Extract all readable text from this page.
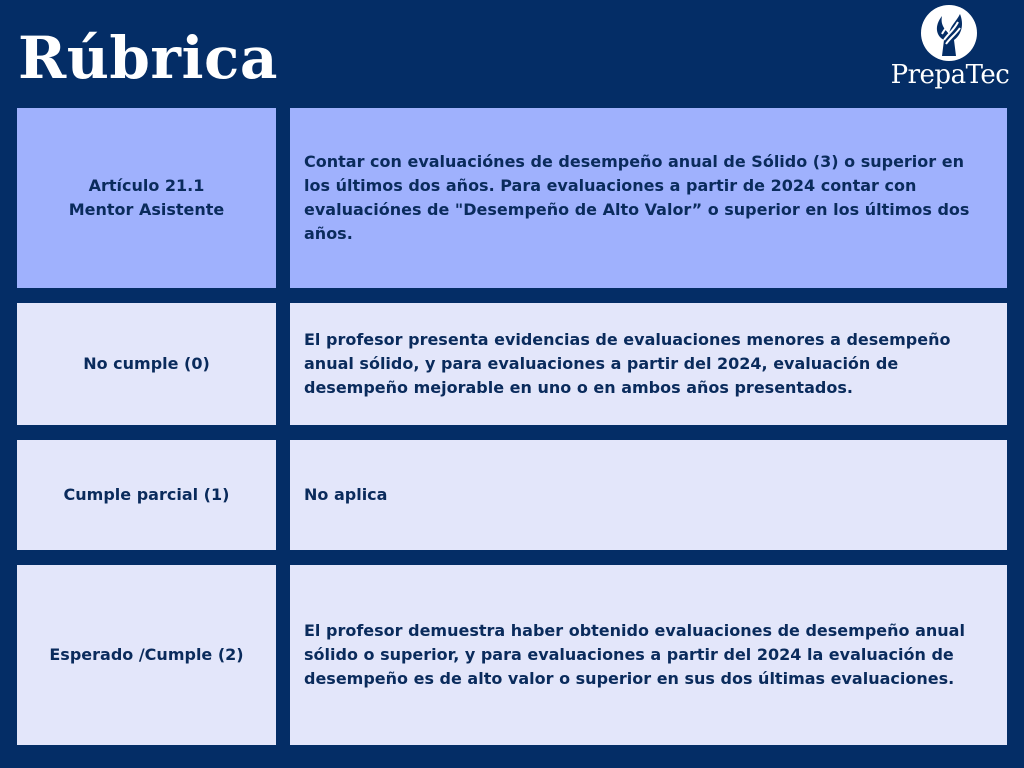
Rúbrica	PrepaTec
Artículo 21.1
Mentor Asistente
Contar con evaluaciónes de desempeño anual de Sólido (3) o superior en los últimos dos años. Para evaluaciones a partir de 2024 contar con evaluaciónes de "Desempeño de Alto Valor” o superior en los últimos dos años.
No cumple (0)
El profesor presenta evidencias de evaluaciones menores a desempeño anual sólido, y para evaluaciones a partir del 2024, evaluación de desempeño mejorable en uno o en ambos años presentados.
Cumple parcial (1)	No aplica
Esperado /Cumple (2)
El profesor demuestra haber obtenido evaluaciones de desempeño anual sólido o superior, y para evaluaciones a partir del 2024 la evaluación de desempeño es de alto valor o superior en sus dos últimas evaluaciones.
